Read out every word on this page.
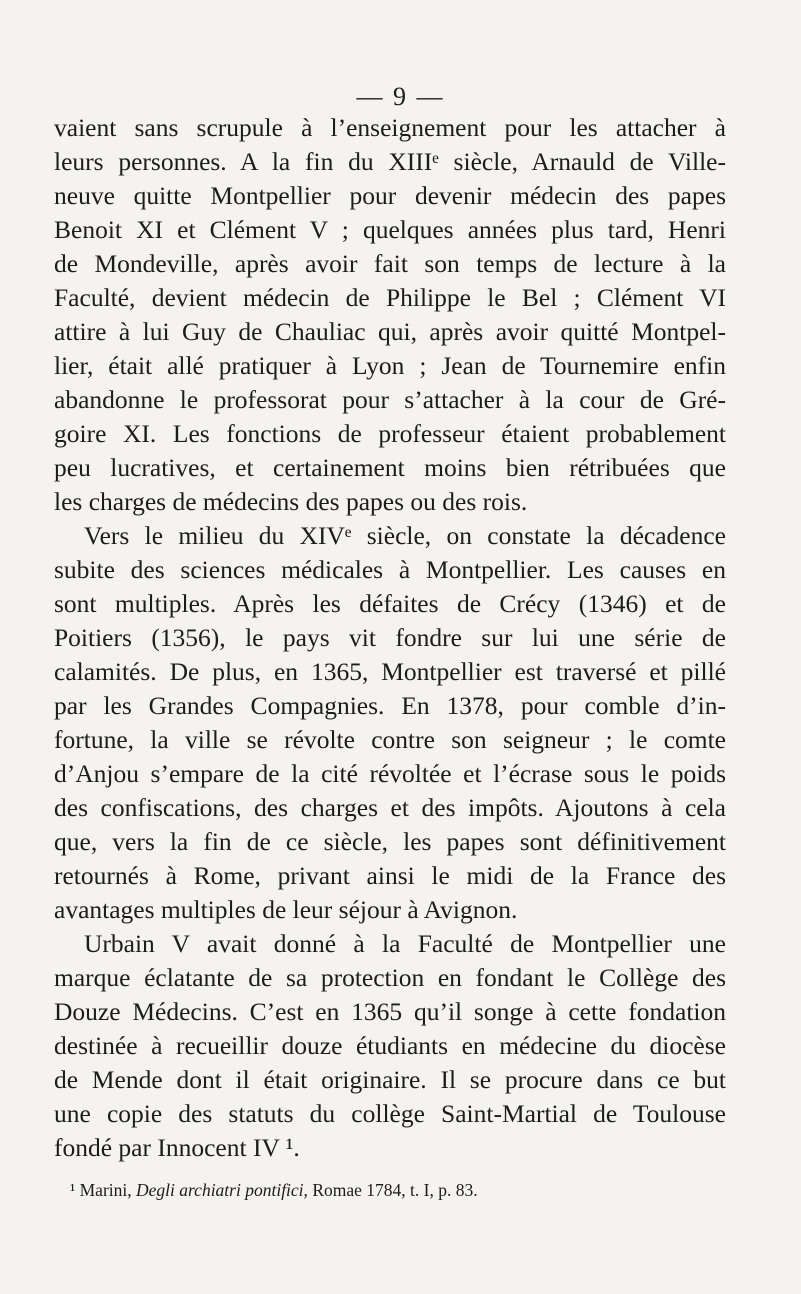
— 9 —
vaient sans scrupule à l’enseignement pour les attacher à
leurs personnes. A la fin du XIIIᵉ siècle, Arnauld de Ville-
neuve quitte Montpellier pour devenir médecin des papes
Benoit XI et Clément V ; quelques années plus tard, Henri
de Mondeville, après avoir fait son temps de lecture à la
Faculté, devient médecin de Philippe le Bel ; Clément VI
attire à lui Guy de Chauliac qui, après avoir quitté Montpel-
lier, était allé pratiquer à Lyon ; Jean de Tournemire enfin
abandonne le professorat pour s’attacher à la cour de Gré-
goire XI. Les fonctions de professeur étaient probablement
peu lucratives, et certainement moins bien rétribuées que
les charges de médecins des papes ou des rois.
Vers le milieu du XIVᵉ siècle, on constate la décadence
subite des sciences médicales à Montpellier. Les causes en
sont multiples. Après les défaites de Crécy (1346) et de
Poitiers (1356), le pays vit fondre sur lui une série de
calamités. De plus, en 1365, Montpellier est traversé et pillé
par les Grandes Compagnies. En 1378, pour comble d’in-
fortune, la ville se révolte contre son seigneur ; le comte
d’Anjou s’empare de la cité révoltée et l’écrase sous le poids
des confiscations, des charges et des impôts. Ajoutons à cela
que, vers la fin de ce siècle, les papes sont définitivement
retournés à Rome, privant ainsi le midi de la France des
avantages multiples de leur séjour à Avignon.
Urbain V avait donné à la Faculté de Montpellier une
marque éclatante de sa protection en fondant le Collège des
Douze Médecins. C’est en 1365 qu’il songe à cette fondation
destinée à recueillir douze étudiants en médecine du diocèse
de Mende dont il était originaire. Il se procure dans ce but
une copie des statuts du collège Saint-Martial de Toulouse
fondé par Innocent IV ¹.
¹ Marini, Degli archiatri pontifici, Romae 1784, t. I, p. 83.
